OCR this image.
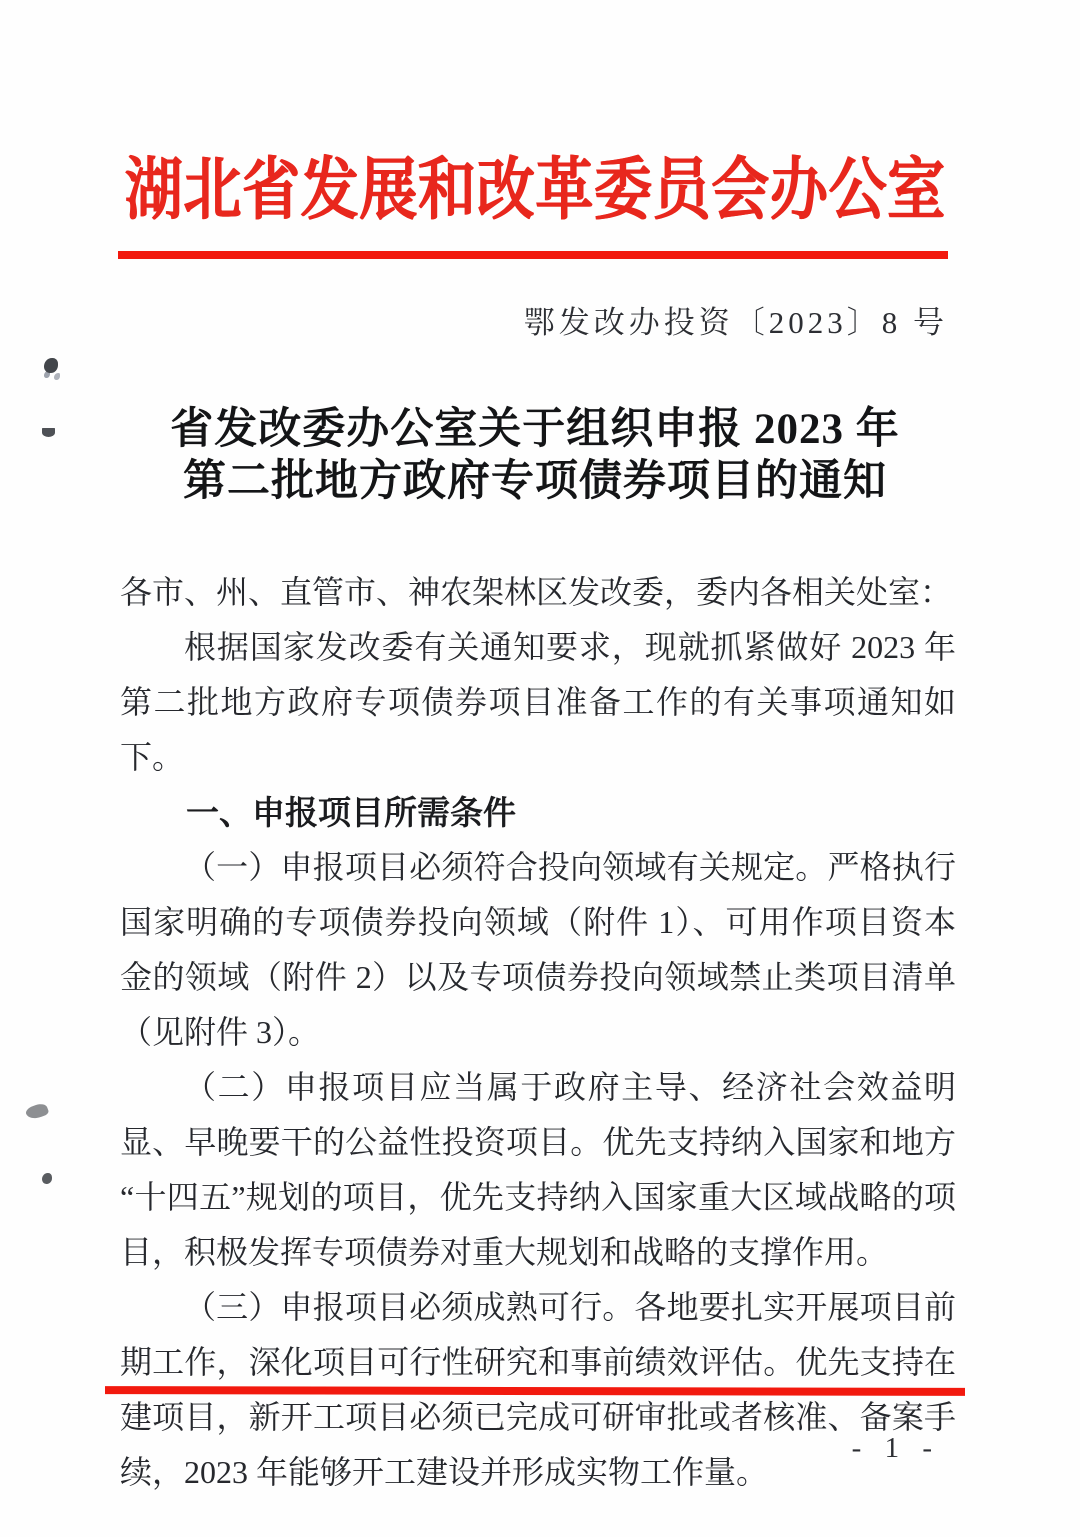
湖北省发展和改革委员会办公室
鄂发改办投资〔2023〕8 号
省发改委办公室关于组织申报 2023 年
第二批地方政府专项债券项目的通知

各市、州、直管市、神农架林区发改委，委内各相关处室：

根据国家发改委有关通知要求，现就抓紧做好 2023 年第二批地方政府专项债券项目准备工作的有关事项通知如下。

一、申报项目所需条件

（一）申报项目必须符合投向领域有关规定。严格执行国家明确的专项债券投向领域（附件 1）、可用作项目资本金的领域（附件 2）以及专项债券投向领域禁止类项目清单（见附件 3）。

（二）申报项目应当属于政府主导、经济社会效益明显、早晚要干的公益性投资项目。优先支持纳入国家和地方“十四五”规划的项目，优先支持纳入国家重大区域战略的项目，积极发挥专项债券对重大规划和战略的支撑作用。

（三）申报项目必须成熟可行。各地要扎实开展项目前期工作，深化项目可行性研究和事前绩效评估。优先支持在建项目，新开工项目必须已完成可研审批或者核准、备案手续，2023 年能够开工建设并形成实物工作量。

- 1 -
